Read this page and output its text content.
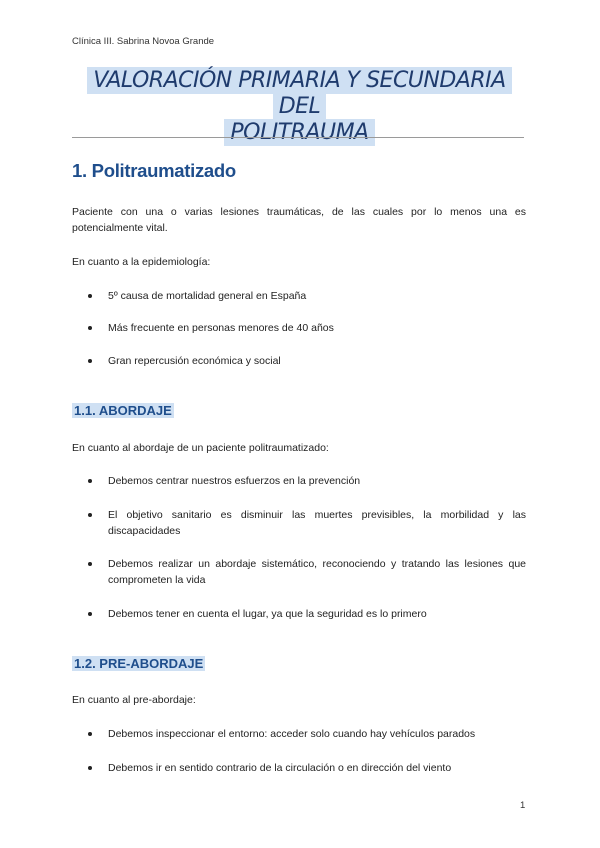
Clínica III. Sabrina Novoa Grande
VALORACIÓN PRIMARIA Y SECUNDARIA DEL
POLITRAUMA
1. Politraumatizado

Paciente con una o varias lesiones traumáticas, de las cuales por lo menos una es potencialmente vital.

En cuanto a la epidemiología:

5º causa de mortalidad general en España
Más frecuente en personas menores de 40 años
Gran repercusión económica y social
1.1. ABORDAJE

En cuanto al abordaje de un paciente politraumatizado:

Debemos centrar nuestros esfuerzos en la prevención
El objetivo sanitario es disminuir las muertes previsibles, la morbilidad y las discapacidades
Debemos realizar un abordaje sistemático, reconociendo y tratando las lesiones que comprometen la vida
Debemos tener en cuenta el lugar, ya que la seguridad es lo primero
1.2. PRE-ABORDAJE

En cuanto al pre-abordaje:

Debemos inspeccionar el entorno: acceder solo cuando hay vehículos parados
Debemos ir en sentido contrario de la circulación o en dirección del viento
1
